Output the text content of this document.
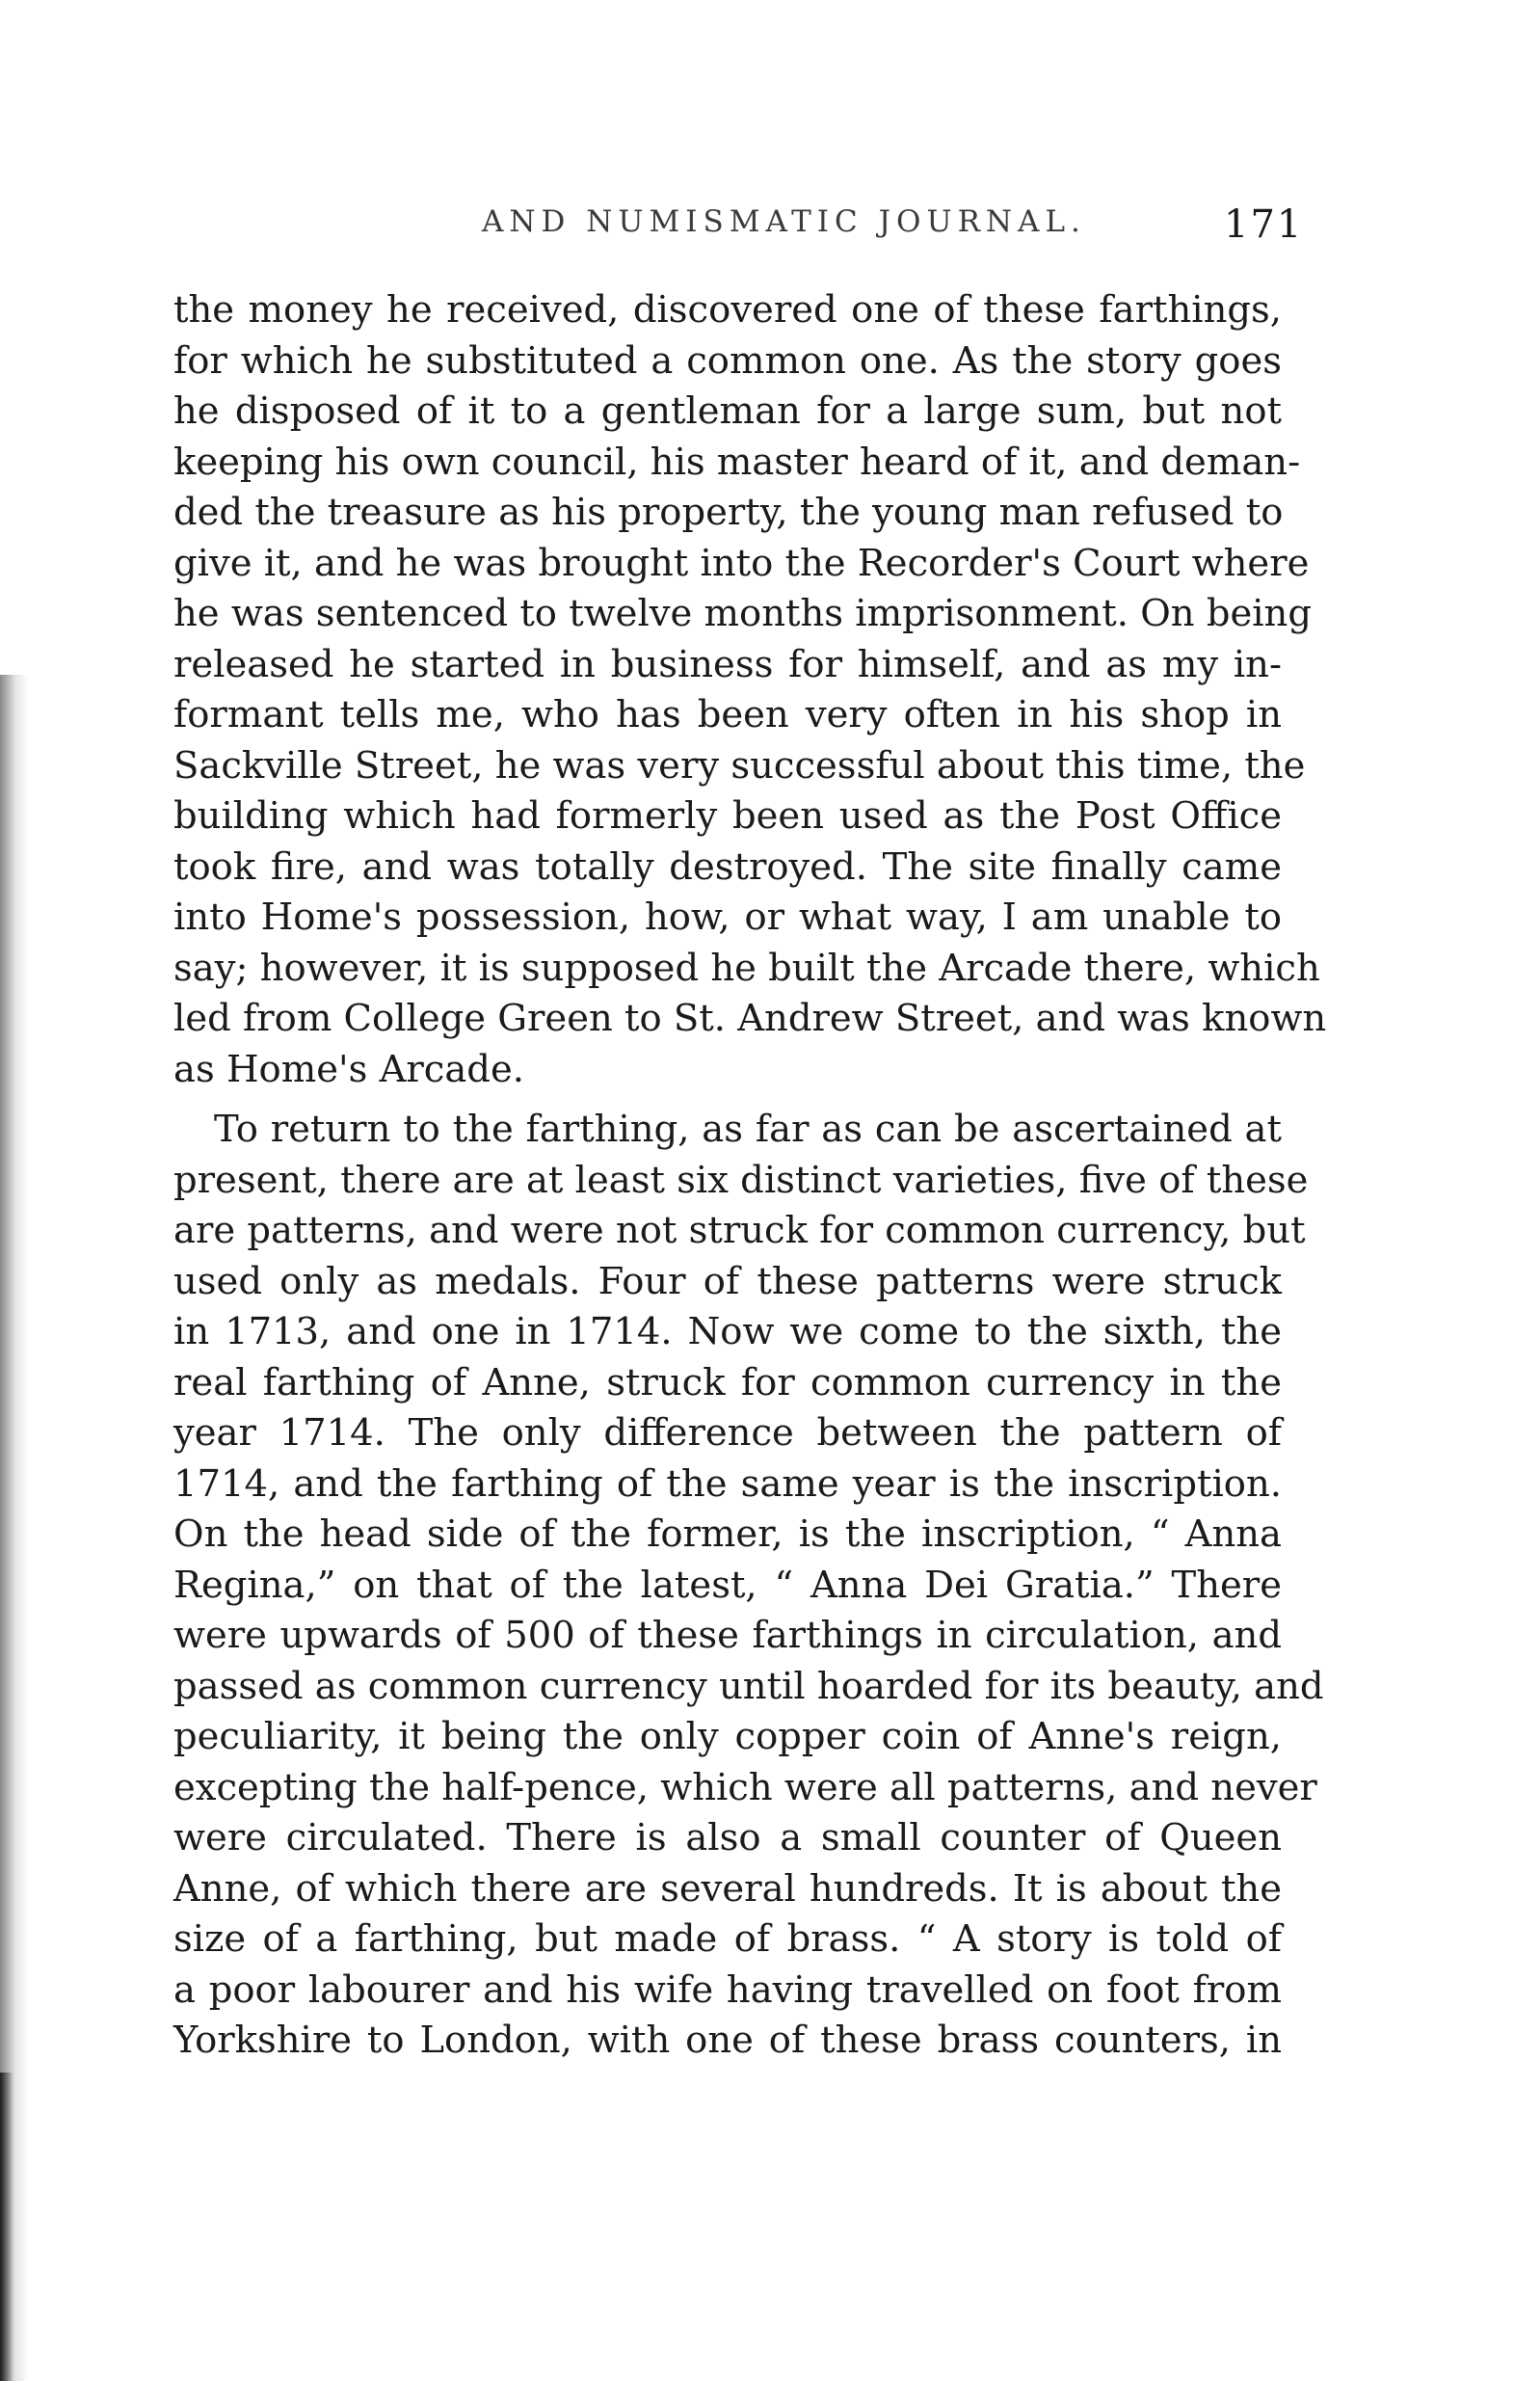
AND NUMISMATIC JOURNAL.	171
the money he received, discovered one of these farthings,
for which he substituted a common one. As the story goes
he disposed of it to a gentleman for a large sum, but not
keeping his own council, his master heard of it, and deman-
ded the treasure as his property, the young man refused to
give it, and he was brought into the Recorder's Court where
he was sentenced to twelve months imprisonment. On being
released he started in business for himself, and as my in-
formant tells me, who has been very often in his shop in
Sackville Street, he was very successful about this time, the
building which had formerly been used as the Post Office
took fire, and was totally destroyed. The site finally came
into Home's possession, how, or what way, I am unable to
say; however, it is supposed he built the Arcade there, which
led from College Green to St. Andrew Street, and was known
as Home's Arcade.
To return to the farthing, as far as can be ascertained at
present, there are at least six distinct varieties, five of these
are patterns, and were not struck for common currency, but
used only as medals. Four of these patterns were struck
in 1713, and one in 1714. Now we come to the sixth, the
real farthing of Anne, struck for common currency in the
year 1714. The only difference between the pattern of
1714, and the farthing of the same year is the inscription.
On the head side of the former, is the inscription, “ Anna
Regina,” on that of the latest, “ Anna Dei Gratia.” There
were upwards of 500 of these farthings in circulation, and
passed as common currency until hoarded for its beauty, and
peculiarity, it being the only copper coin of Anne's reign,
excepting the half-pence, which were all patterns, and never
were circulated. There is also a small counter of Queen
Anne, of which there are several hundreds. It is about the
size of a farthing, but made of brass. “ A story is told of
a poor labourer and his wife having travelled on foot from
Yorkshire to London, with one of these brass counters, in
